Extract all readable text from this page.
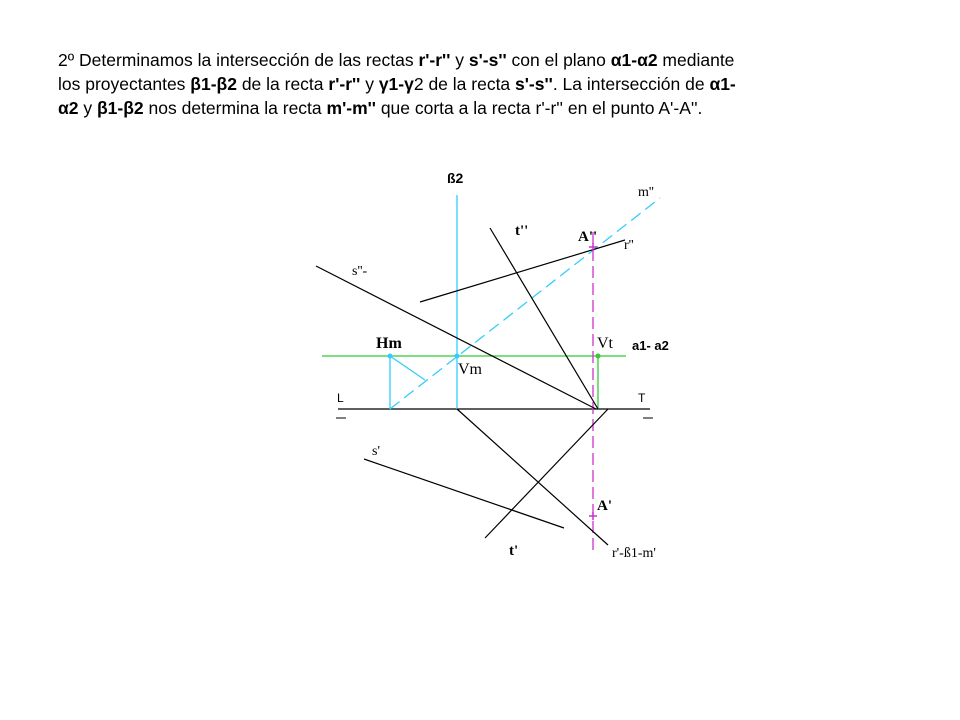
2º Determinamos la intersección de las rectas r'-r'' y s'-s'' con el plano α1-α2 mediante
los proyectantes β1-β2 de la recta r'-r'' y γ1-γ2 de la recta s'-s''. La intersección de α1-
α2 y β1-β2 nos determina la recta m'-m'' que corta a la recta r'-r'' en el punto A'-A''.
ß2
m''
t''	A''
r''
s''-
Hm	Vt a1- a2
Vm
L	T
s'
A'
t'	r'-ß1-m'
